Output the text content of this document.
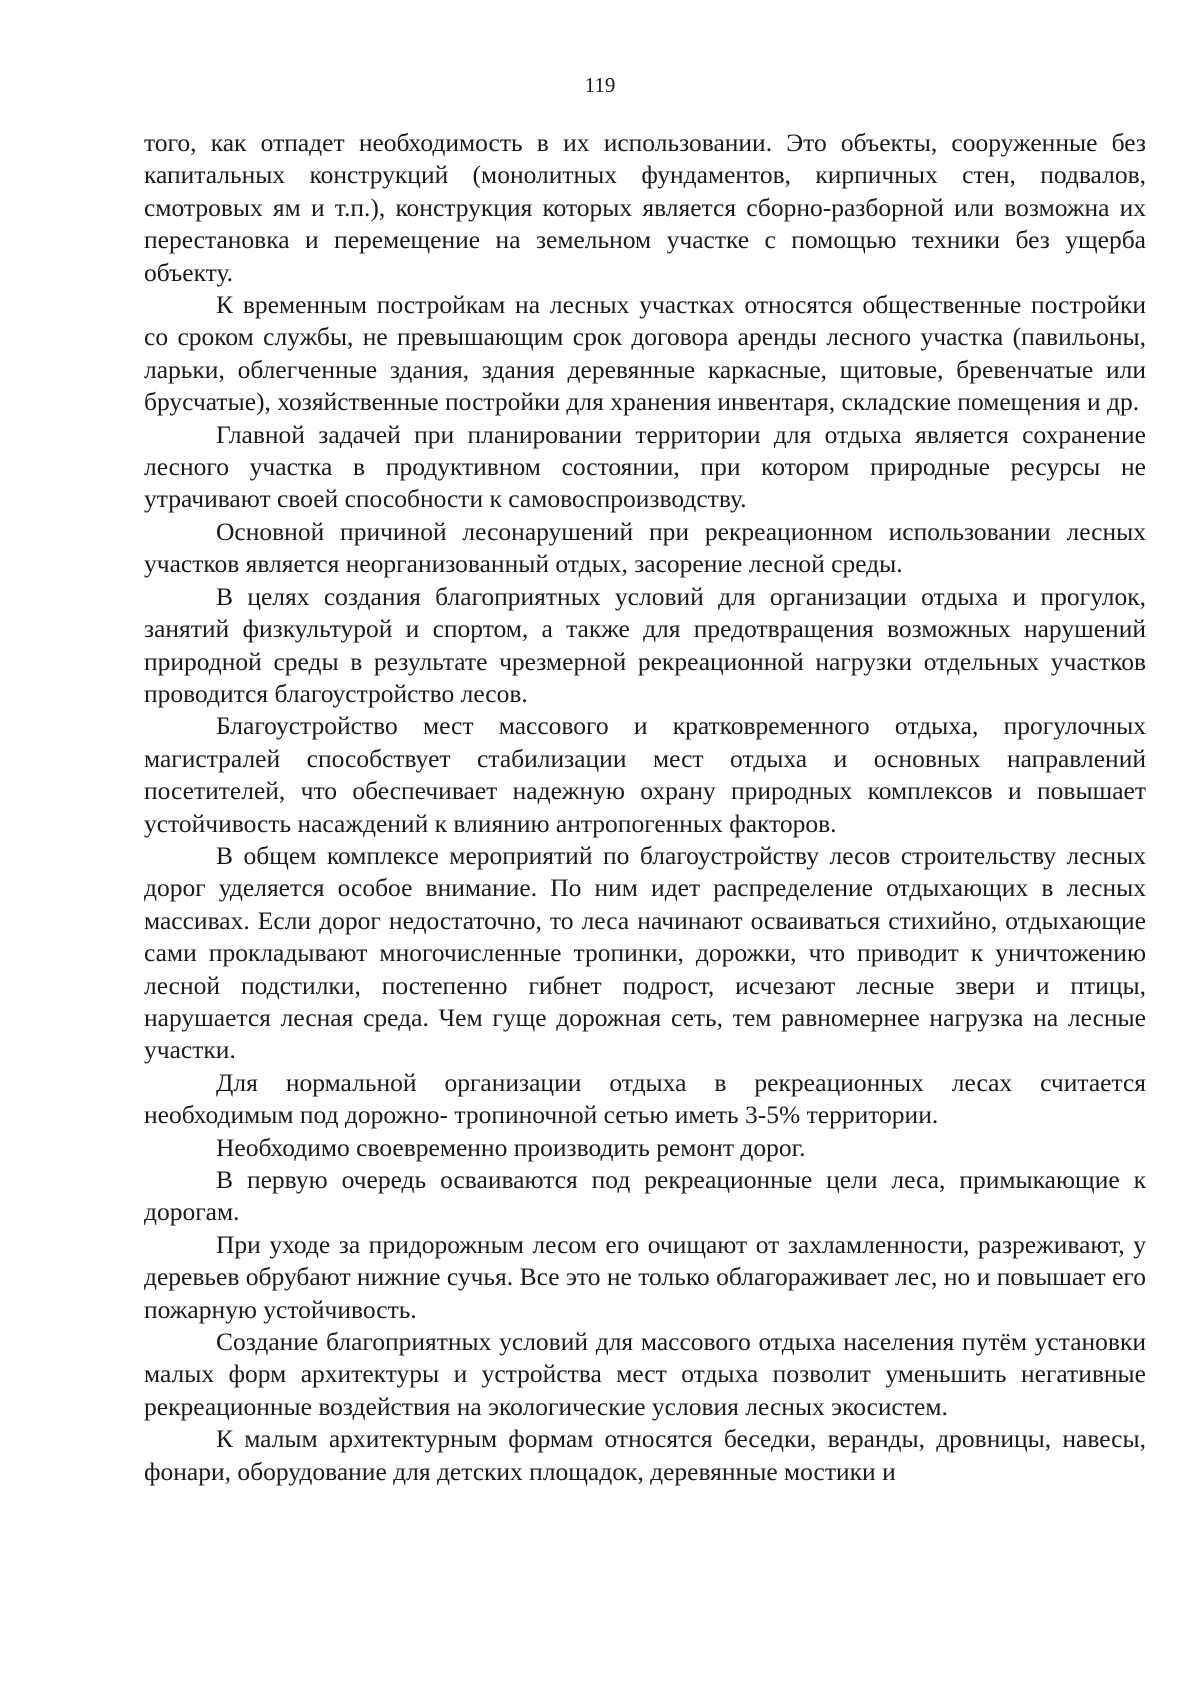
119

того, как отпадет необходимость в их использовании. Это объекты, сооруженные без капитальных конструкций (монолитных фундаментов, кирпичных стен, подвалов, смотровых ям и т.п.), конструкция которых является сборно-разборной или возможна их перестановка и перемещение на земельном участке с помощью техники без ущерба объекту.

К временным постройкам на лесных участках относятся общественные постройки со сроком службы, не превышающим срок договора аренды лесного участка (павильоны, ларьки, облегченные здания, здания деревянные каркасные, щитовые, бревенчатые или брусчатые), хозяйственные постройки для хранения инвентаря, складские помещения и др.

Главной задачей при планировании территории для отдыха является сохранение лесного участка в продуктивном состоянии, при котором природные ресурсы не утрачивают своей способности к самовоспроизводству.

Основной причиной лесонарушений при рекреационном использовании лесных участков является неорганизованный отдых, засорение лесной среды.

В целях создания благоприятных условий для организации отдыха и прогулок, занятий физкультурой и спортом, а также для предотвращения возможных нарушений природной среды в результате чрезмерной рекреационной нагрузки отдельных участков проводится благоустройство лесов.

Благоустройство мест массового и кратковременного отдыха, прогулочных магистралей способствует стабилизации мест отдыха и основных направлений посетителей, что обеспечивает надежную охрану природных комплексов и повышает устойчивость насаждений к влиянию антропогенных факторов.

В общем комплексе мероприятий по благоустройству лесов строительству лесных дорог уделяется особое внимание. По ним идет распределение отдыхающих в лесных массивах. Если дорог недостаточно, то леса начинают осваиваться стихийно, отдыхающие сами прокладывают многочисленные тропинки, дорожки, что приводит к уничтожению лесной подстилки, постепенно гибнет подрост, исчезают лесные звери и птицы, нарушается лесная среда. Чем гуще дорожная сеть, тем равномернее нагрузка на лесные участки.

Для нормальной организации отдыха в рекреационных лесах считается необходимым под дорожно- тропиночной сетью иметь 3-5% территории.

Необходимо своевременно производить ремонт дорог.

В первую очередь осваиваются под рекреационные цели леса, примыкающие к дорогам.

При уходе за придорожным лесом его очищают от захламленности, разреживают, у деревьев обрубают нижние сучья. Все это не только облагораживает лес, но и повышает его пожарную устойчивость.

Создание благоприятных условий для массового отдыха населения путём установки малых форм архитектуры и устройства мест отдыха позволит уменьшить негативные рекреационные воздействия на экологические условия лесных экосистем.

К малым архитектурным формам относятся беседки, веранды, дровницы, навесы, фонари, оборудование для детских площадок, деревянные мостики и
